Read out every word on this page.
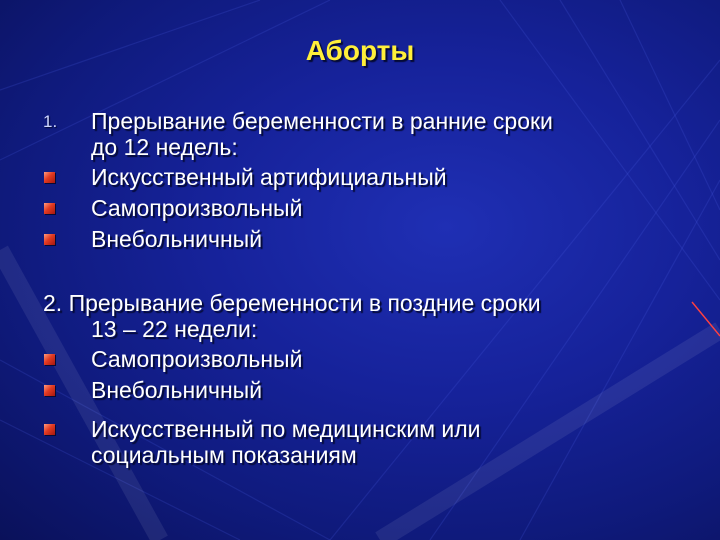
Аборты
1. Прерывание беременности в ранние сроки
до 12 недель:
Искусственный артифициальный
Самопроизвольный
Внебольничный
2. Прерывание беременности в поздние сроки
13 – 22 недели:
Самопроизвольный
Внебольничный
Искусственный по медицинским или
социальным показаниям
